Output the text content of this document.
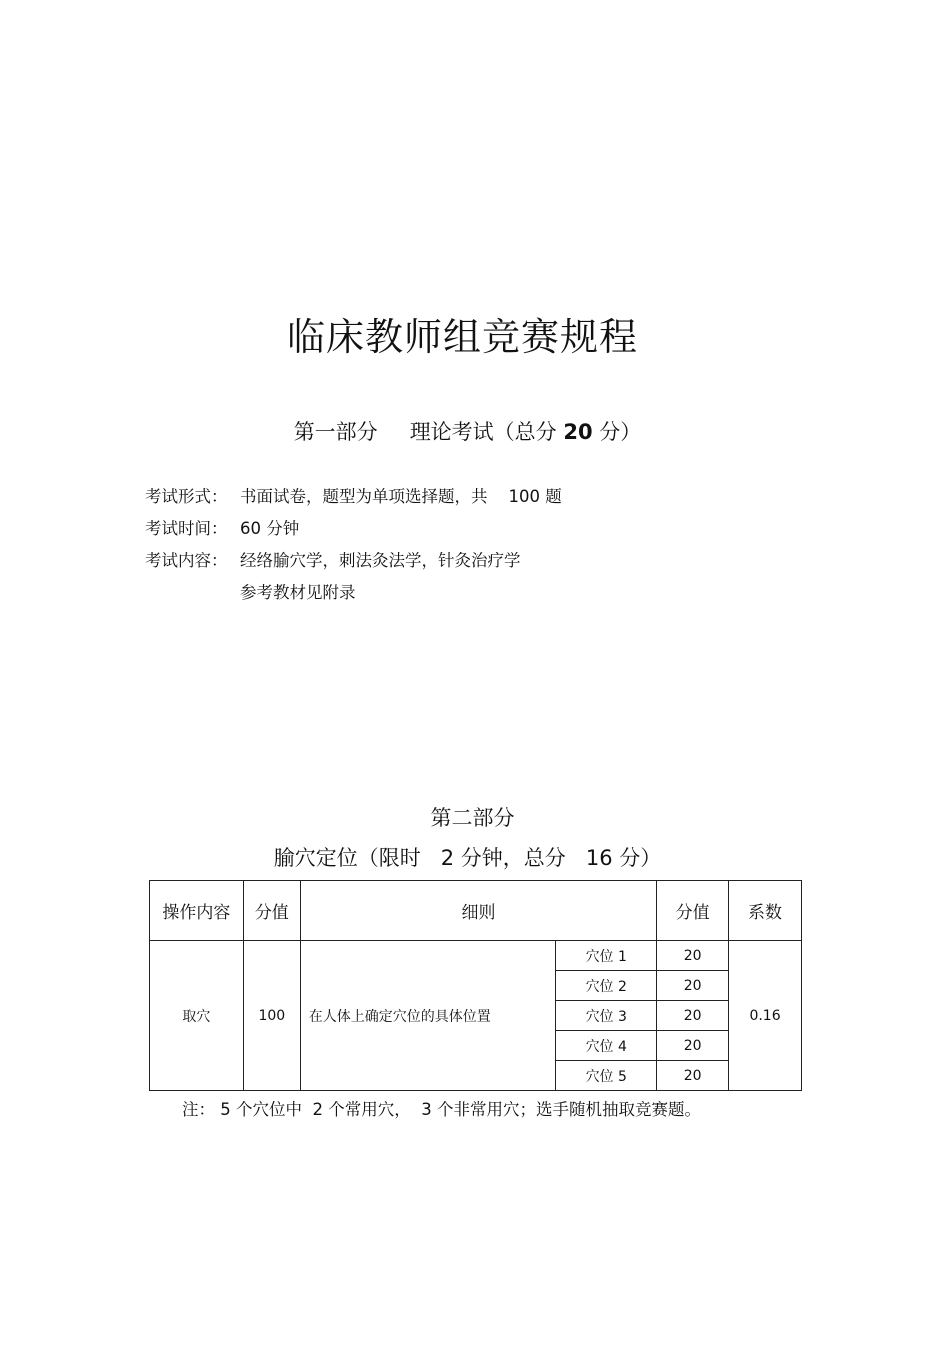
临床教师组竞赛规程
第一部分 理论考试（总分 20 分）
考试形式： 书面试卷，题型为单项选择题，共    100 题
考试时间： 60 分钟
考试内容： 经络腧穴学，刺法灸法学，针灸治疗学
参考教材见附录
第二部分
腧穴定位（限时   2 分钟，总分   16 分）
操作内容	分值	细则		分值	系数
取穴	100	在人体上确定穴位的具体位置	穴位 1	20	0.16
			穴位 2	20	
			穴位 3	20	
			穴位 4	20	
			穴位 5	20	
注： 5 个穴位中  2 个常用穴，  3 个非常用穴；选手随机抽取竞赛题。
